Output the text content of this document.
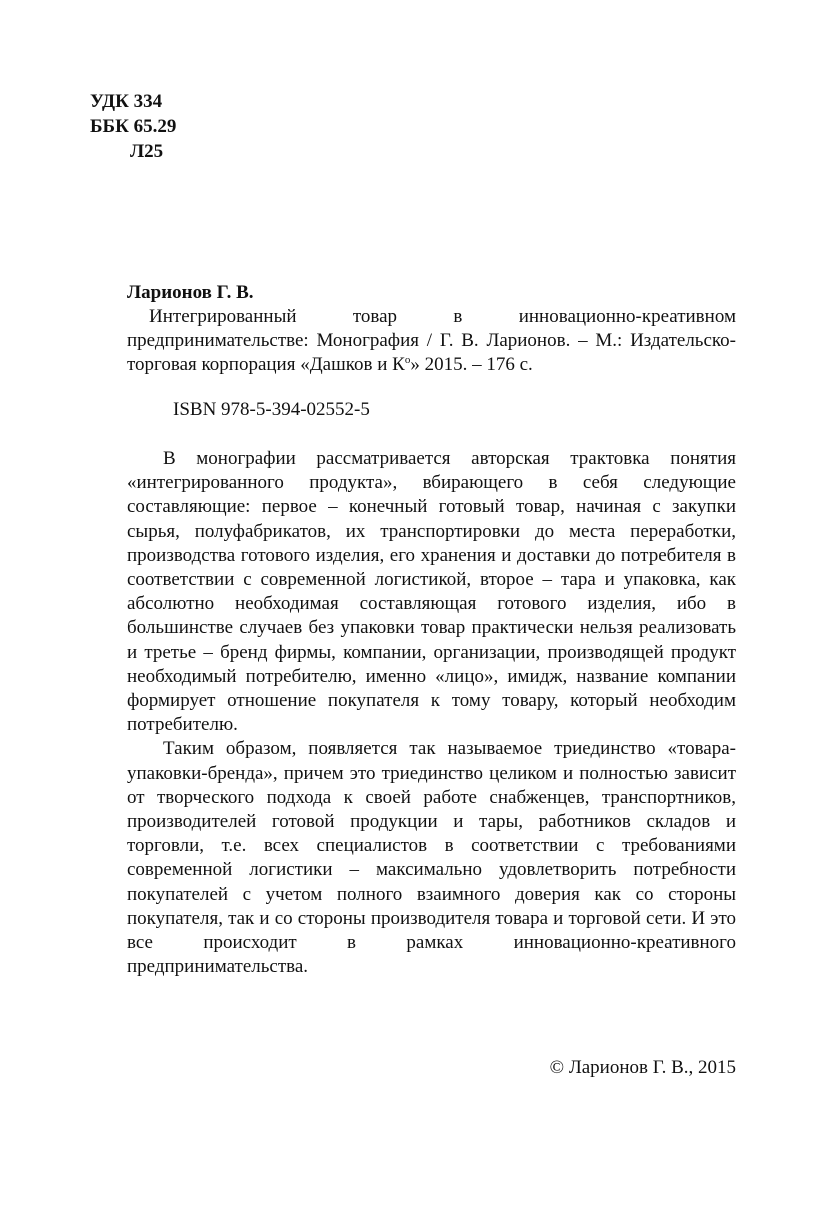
УДК 334
ББК 65.29
Л25
Ларионов Г. В.
Интегрированный товар в инновационно-креативном предпринимательстве: Монография / Г. В. Ларионов. – М.: Издательско-торговая корпорация «Дашков и $К^о$» 2015. – 176 с.
ISBN 978-5-394-02552-5

В монографии рассматривается авторская трактовка понятия «интегрированного продукта», вбирающего в себя следующие составляющие: первое – конечный готовый товар, начиная с закупки сырья, полуфабрикатов, их транспортировки до места переработки, производства готового изделия, его хранения и доставки до потребителя в соответствии с современной логистикой, второе – тара и упаковка, как абсолютно необходимая составляющая готового изделия, ибо в большинстве случаев без упаковки товар практически нельзя реализовать и третье – бренд фирмы, компании, организации, производящей продукт необходимый потребителю, именно «лицо», имидж, название компании формирует отношение покупателя к тому товару, который необходим потребителю.

Таким образом, появляется так называемое триединство «товара-упаковки-бренда», причем это триединство целиком и полностью зависит от творческого подхода к своей работе снабженцев, транспортников, производителей готовой продукции и тары, работников складов и торговли, т.е. всех специалистов в соответствии с требованиями современной логистики – максимально удовлетворить потребности покупателей с учетом полного взаимного доверия как со стороны покупателя, так и со стороны производителя товара и торговой сети. И это все происходит в рамках инновационно-креативного предпринимательства.

© Ларионов Г. В., 2015
